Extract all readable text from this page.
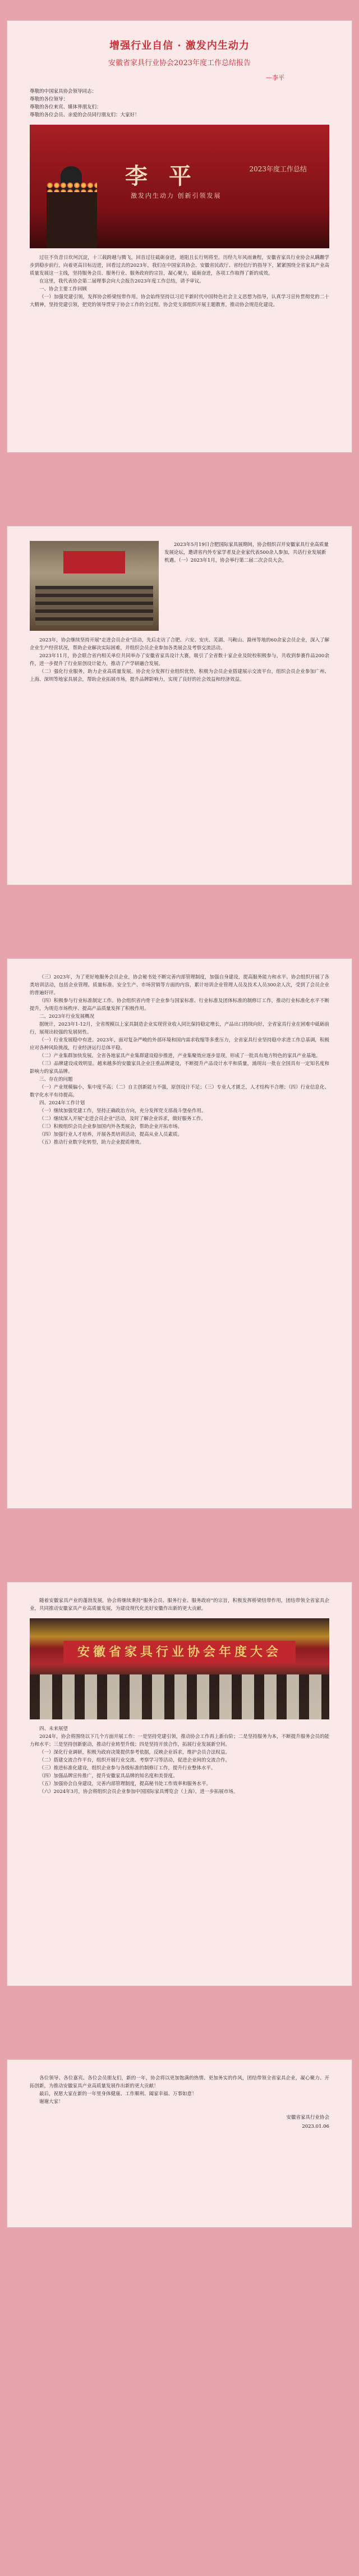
增强行业自信 · 激发内生动力
安徽省家具行业协会2023年度工作总结报告
—李平
尊敬的中国家具协会领导同志：
尊敬的各位领导：
尊敬的各位来宾、媒体界朋友们：
尊敬的各位会员、亲爱的会员同行朋友们：大家好！
李 平
激发内生动力 创新引领发展
2023年度工作总结

过往不负昔日坎坷沉淀，十三载跨越与腾飞，回首过往砥砺奋进，道阻且长行则将至。历经九年风雨兼程，安徽省家具行业协会从蹒跚学步到稳步前行，向着更高目标迈进，回看过去的2023年，我们在中国家具协会、安徽省民政厅、省经信厅的指导下，紧紧围绕全省家具产业高质量发展这一主线，坚持服务会员、服务行业、服务政府的宗旨，凝心聚力，砥砺奋进，各项工作取得了新的成效。

在这里，我代表协会第二届理事会向大会报告2023年度工作总结，请予审议。

一、协会主要工作回顾

（一）加强党建引领，发挥协会桥梁纽带作用。协会始终坚持以习近平新时代中国特色社会主义思想为指导，认真学习宣传贯彻党的二十大精神，坚持党建引领，把党的领导贯穿于协会工作的全过程。协会党支部组织开展主题教育，推动协会规范化建设。

2023年5月19日合肥国际家具展期间，协会组织召开安徽家具行业高质量发展论坛，邀请省内外专家学者及企业家代表500余人参加，共话行业发展新机遇。（一）2023年1月，协会举行第二届二次会员大会。

2023年，协会继续坚持开展"走进会员企业"活动，先后走访了合肥、六安、安庆、芜湖、马鞍山、滁州等地的60余家会员企业，深入了解企业生产经营状况，帮助企业解决实际困难，并组织会员企业参加各类展会及考察交流活动。

2023年11月，协会联合省内相关单位共同举办了安徽省家具设计大赛，吸引了全省数十家企业及院校积极参与，共收到参赛作品200余件，进一步提升了行业原创设计能力，推动了产学研融合发展。

（二）强化行业服务，助力企业高质量发展。协会充分发挥行业组织优势，积极为会员企业搭建展示交流平台，组织会员企业参加广州、上海、深圳等地家具展会，帮助企业拓展市场，提升品牌影响力，实现了良好的社会效益和经济效益。

（三）2023年，为了更好地服务会员企业，协会秘书处不断完善内部管理制度，加强自身建设，提高服务能力和水平。协会组织开展了各类培训活动，包括企业管理、质量标准、安全生产、市场营销等方面的内容，累计培训企业管理人员及技术人员300余人次，受到了会员企业的普遍好评。

（四）积极参与行业标准制定工作。协会组织省内骨干企业参与国家标准、行业标准及团体标准的制修订工作，推动行业标准化水平不断提升，为规范市场秩序、提高产品质量发挥了积极作用。

二、2023年行业发展概况

据统计，2023年1-12月，全省规模以上家具制造企业实现营业收入同比保持稳定增长，产品出口持续向好，全省家具行业在困难中砥砺前行，展现出较强的发展韧性。

（一）行业发展稳中有进。2023年，面对复杂严峻的外部环境和国内需求收缩等多重压力，全省家具行业坚持稳中求进工作总基调，积极应对各种风险挑战，行业经济运行总体平稳。

（二）产业集群加快发展。全省各地家具产业集群建设稳步推进，产业集聚效应逐步显现，形成了一批具有地方特色的家具产业基地。

（三）品牌建设成效明显。越来越多的安徽家具企业注重品牌建设，不断提升产品设计水平和质量，涌现出一批在全国具有一定知名度和影响力的家具品牌。

三、存在的问题

（一）产业规模偏小，集中度不高；（二）自主创新能力不强，原创设计不足；（三）专业人才匮乏，人才结构不合理；（四）行业信息化、数字化水平有待提高。

四、2024年工作计划

（一）继续加强党建工作，坚持正确政治方向，充分发挥党支部战斗堡垒作用。

（二）继续深入开展"走进会员企业"活动，及时了解企业诉求，做好服务工作。

（三）积极组织会员企业参加国内外各类展会，帮助企业开拓市场。

（四）加强行业人才培养，开展各类培训活动，提高从业人员素质。

（五）推动行业数字化转型，助力企业提质增效。

随着安徽家具产业的蓬勃发展，协会将继续秉持"服务会员、服务行业、服务政府"的宗旨，积极发挥桥梁纽带作用，团结带领全省家具企业，共同推动安徽家具产业高质量发展，为建设现代化美好安徽作出新的更大贡献。

安徽省家具行业协会年度大会

四、未来展望

2024年，协会将围绕以下几个方面开展工作：一是坚持党建引领，推动协会工作再上新台阶；二是坚持服务为本，不断提升服务会员的能力和水平；三是坚持创新驱动，推动行业转型升级；四是坚持开放合作，拓展行业发展新空间。

（一）深化行业调研，积极为政府决策提供参考依据，反映企业诉求，维护会员合法权益。

（二）搭建交流合作平台，组织开展行业交流、考察学习等活动，促进企业间的交流合作。

（三）推进标准化建设，组织企业参与各级标准的制修订工作，提升行业整体水平。

（四）加强品牌宣传推广，提升安徽家具品牌的知名度和美誉度。

（五）加强协会自身建设，完善内部管理制度，提高秘书处工作效率和服务水平。

（六）2024年3月，协会将组织会员企业参加中国国际家具博览会（上海），进一步拓展市场。

各位领导、各位嘉宾、各位会员朋友们，新的一年，协会将以更加饱满的热情、更加务实的作风，团结带领全省家具企业，凝心聚力、开拓创新，为推动安徽家具产业高质量发展作出新的更大贡献！

最后，祝愿大家在新的一年里身体健康、工作顺利、阖家幸福、万事如意！

谢谢大家！

安徽省家具行业协会
2023.01.06
